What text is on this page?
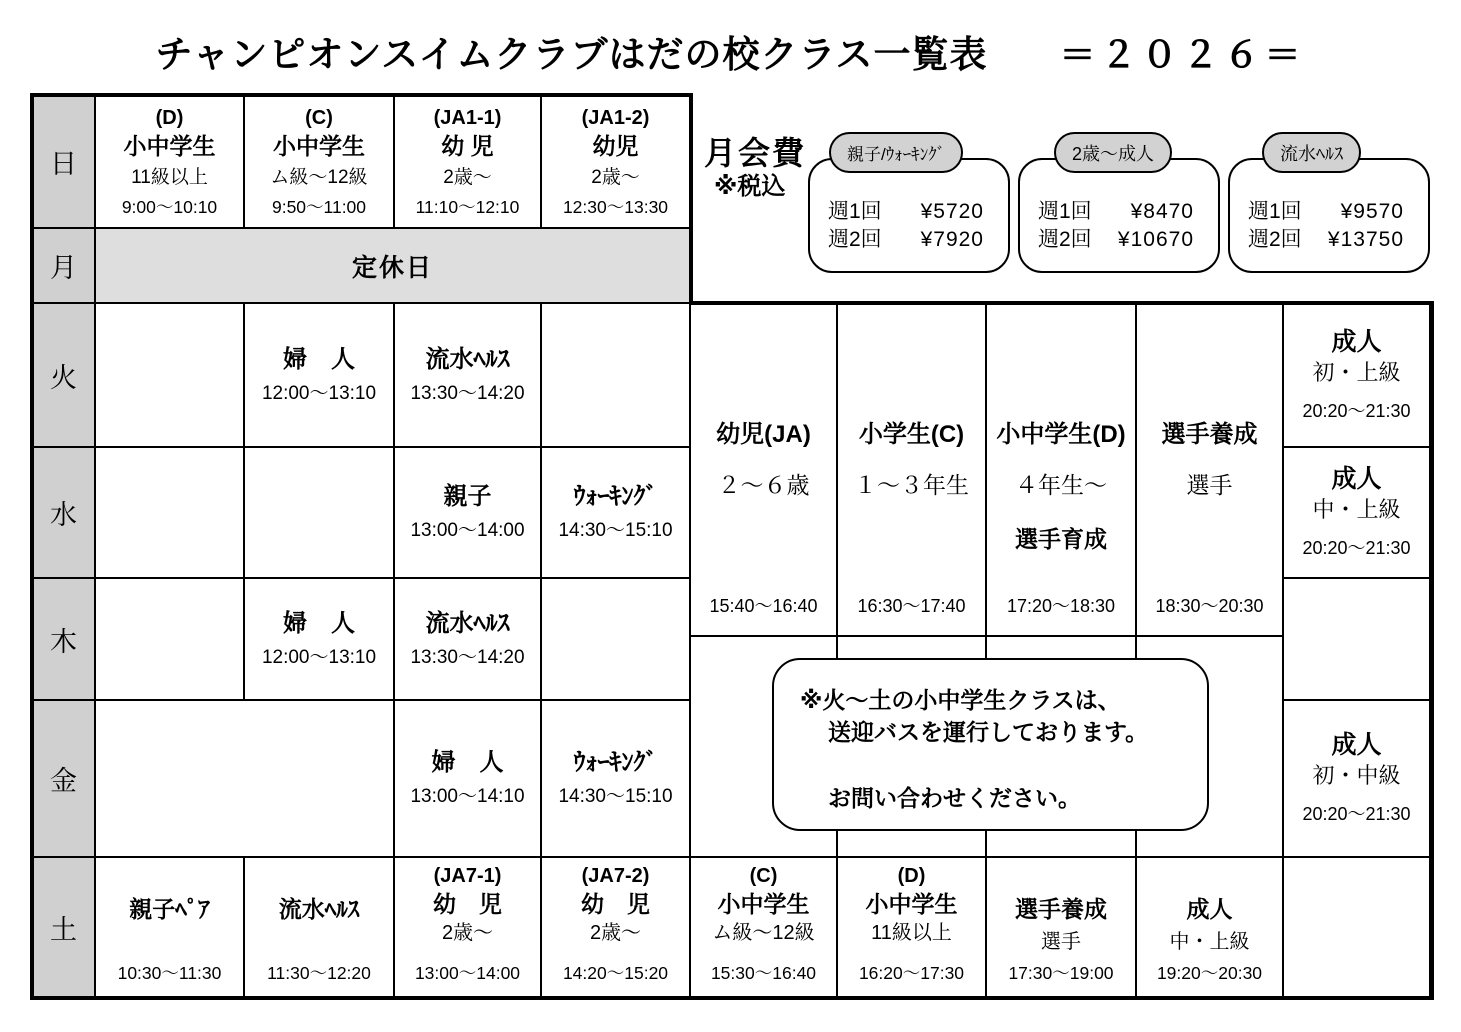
チャンピオンスイムクラブはだの校クラス一覧表 ＝２０２６＝
日
月
火
水
木
金
土
(D)
小中学生
11級以上
9:00～10:10
(C)
小中学生
ム級～12級
9:50～11:00
(JA1-1)
幼 児
2歳～
11:10～12:10
(JA1-2)
幼児
2歳～
12:30～13:30
定休日
婦　人
12:00～13:10
流水ﾍﾙｽ
13:30～14:20
親子
13:00～14:00
ｳｫｰｷﾝｸﾞ
14:30～15:10
婦　人
12:00～13:10
流水ﾍﾙｽ
13:30～14:20
婦　人
13:00～14:10
ｳｫｰｷﾝｸﾞ
14:30～15:10
親子ﾍﾟｱ
10:30～11:30
流水ﾍﾙｽ
11:30～12:20
(JA7-1)
幼　児
2歳～
13:00～14:00
(JA7-2)
幼　児
2歳～
14:20～15:20
幼児(JA)
２～６歳
15:40～16:40
小学生(C)
１～３年生
16:30～17:40
小中学生(D)
４年生～
選手育成
17:20～18:30
選手養成
選手
18:30～20:30
成人
初・上級
20:20～21:30
成人
中・上級
20:20～21:30
成人
初・中級
20:20～21:30
(C)
小中学生
ム級～12級
15:30～16:40
(D)
小中学生
11級以上
16:20～17:30
選手養成
選手
17:30～19:00
成人
中・上級
19:20～20:30
月会費
※税込
週1回 ¥5720
週2回 ¥7920
親子/ｳｫｰｷﾝｸﾞ
週1回 ¥8470
週2回 ¥10670
2歳～成人
週1回 ¥9570
週2回 ¥13750
流水ﾍﾙｽ
※火～土の小中学生クラスは、
送迎バスを運行しております。
お問い合わせください。
